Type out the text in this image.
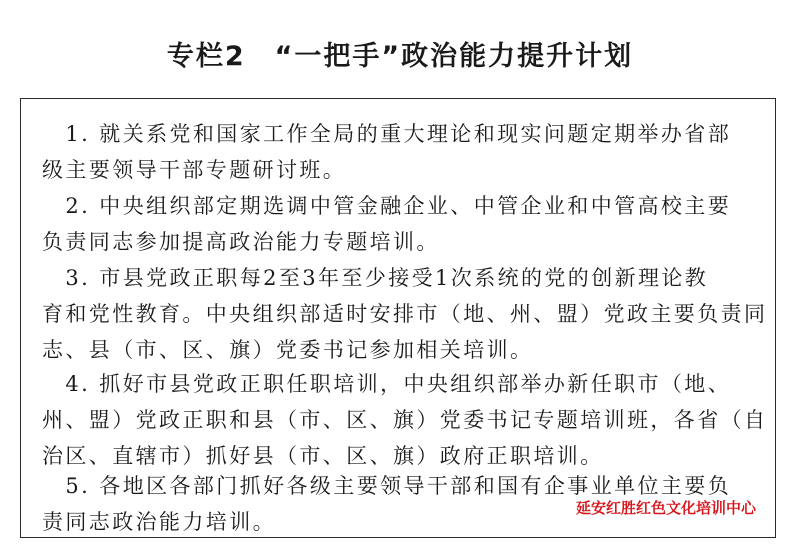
专栏2　“一把手”政治能力提升计划
　1. 就关系党和国家工作全局的重大理论和现实问题定期举办省部
级主要领导干部专题研讨班。
　2. 中央组织部定期选调中管金融企业、中管企业和中管高校主要
负责同志参加提高政治能力专题培训。
　3. 市县党政正职每2至3年至少接受1次系统的党的创新理论教
育和党性教育。中央组织部适时安排市（地、州、盟）党政主要负责同
志、县（市、区、旗）党委书记参加相关培训。
　4. 抓好市县党政正职任职培训，中央组织部举办新任职市（地、
州、盟）党政正职和县（市、区、旗）党委书记专题培训班，各省（自
治区、直辖市）抓好县（市、区、旗）政府正职培训。
　5. 各地区各部门抓好各级主要领导干部和国有企事业单位主要负
责同志政治能力培训。
延安红胜红色文化培训中心
